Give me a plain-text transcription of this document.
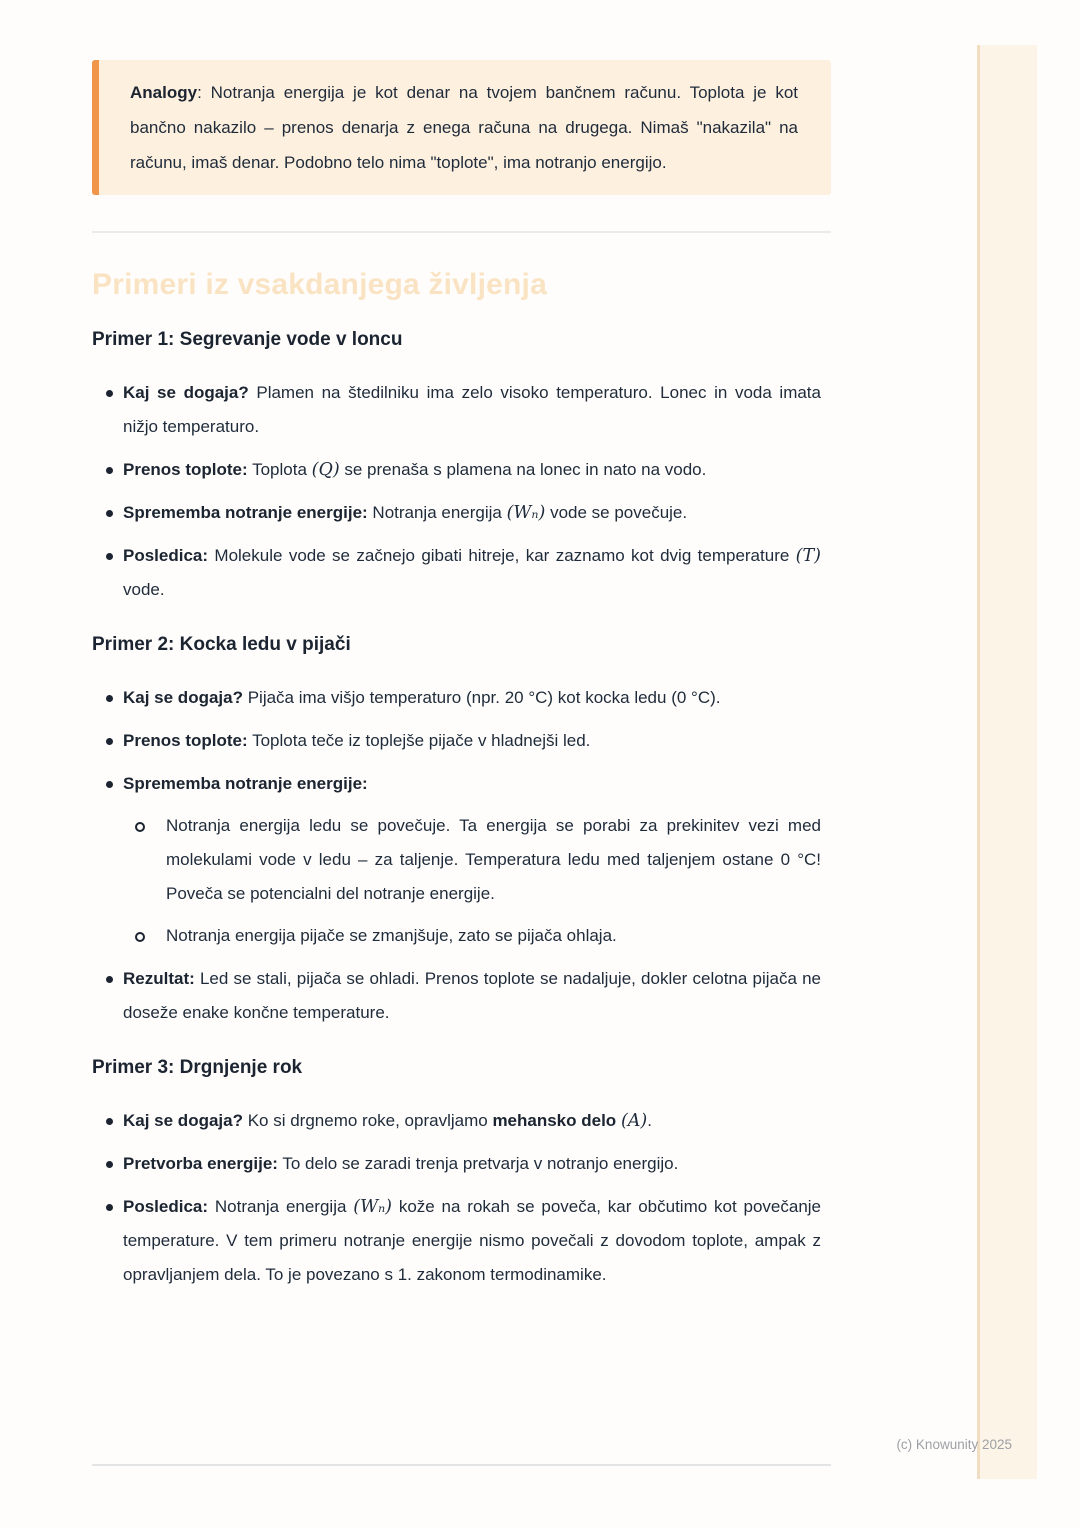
Analogy: Notranja energija je kot denar na tvojem bančnem računu. Toplota je kot bančno nakazilo – prenos denarja z enega računa na drugega. Nimaš "nakazila" na računu, imaš denar. Podobno telo nima "toplote", ima notranjo energijo.

Primeri iz vsakdanjega življenja
Primer 1: Segrevanje vode v loncu
Kaj se dogaja? Plamen na štedilniku ima zelo visoko temperaturo. Lonec in voda imata nižjo temperaturo.
Prenos toplote: Toplota (Q) se prenaša s plamena na lonec in nato na vodo.
Sprememba notranje energije: Notranja energija (Wₙ) vode se povečuje.
Posledica: Molekule vode se začnejo gibati hitreje, kar zaznamo kot dvig temperature (T) vode.
Primer 2: Kocka ledu v pijači
Kaj se dogaja? Pijača ima višjo temperaturo (npr. 20 °C) kot kocka ledu (0 °C).
Prenos toplote: Toplota teče iz toplejše pijače v hladnejši led.
Sprememba notranje energije:
Notranja energija ledu se povečuje. Ta energija se porabi za prekinitev vezi med molekulami vode v ledu – za taljenje. Temperatura ledu med taljenjem ostane 0 °C! Poveča se potencialni del notranje energije.
Notranja energija pijače se zmanjšuje, zato se pijača ohlaja.
Rezultat: Led se stali, pijača se ohladi. Prenos toplote se nadaljuje, dokler celotna pijača ne doseže enake končne temperature.
Primer 3: Drgnjenje rok
Kaj se dogaja? Ko si drgnemo roke, opravljamo mehansko delo (A).
Pretvorba energije: To delo se zaradi trenja pretvarja v notranjo energijo.
Posledica: Notranja energija (Wₙ) kože na rokah se poveča, kar občutimo kot povečanje temperature. V tem primeru notranje energije nismo povečali z dovodom toplote, ampak z opravljanjem dela. To je povezano s 1. zakonom termodinamike.
(c) Knowunity 2025
